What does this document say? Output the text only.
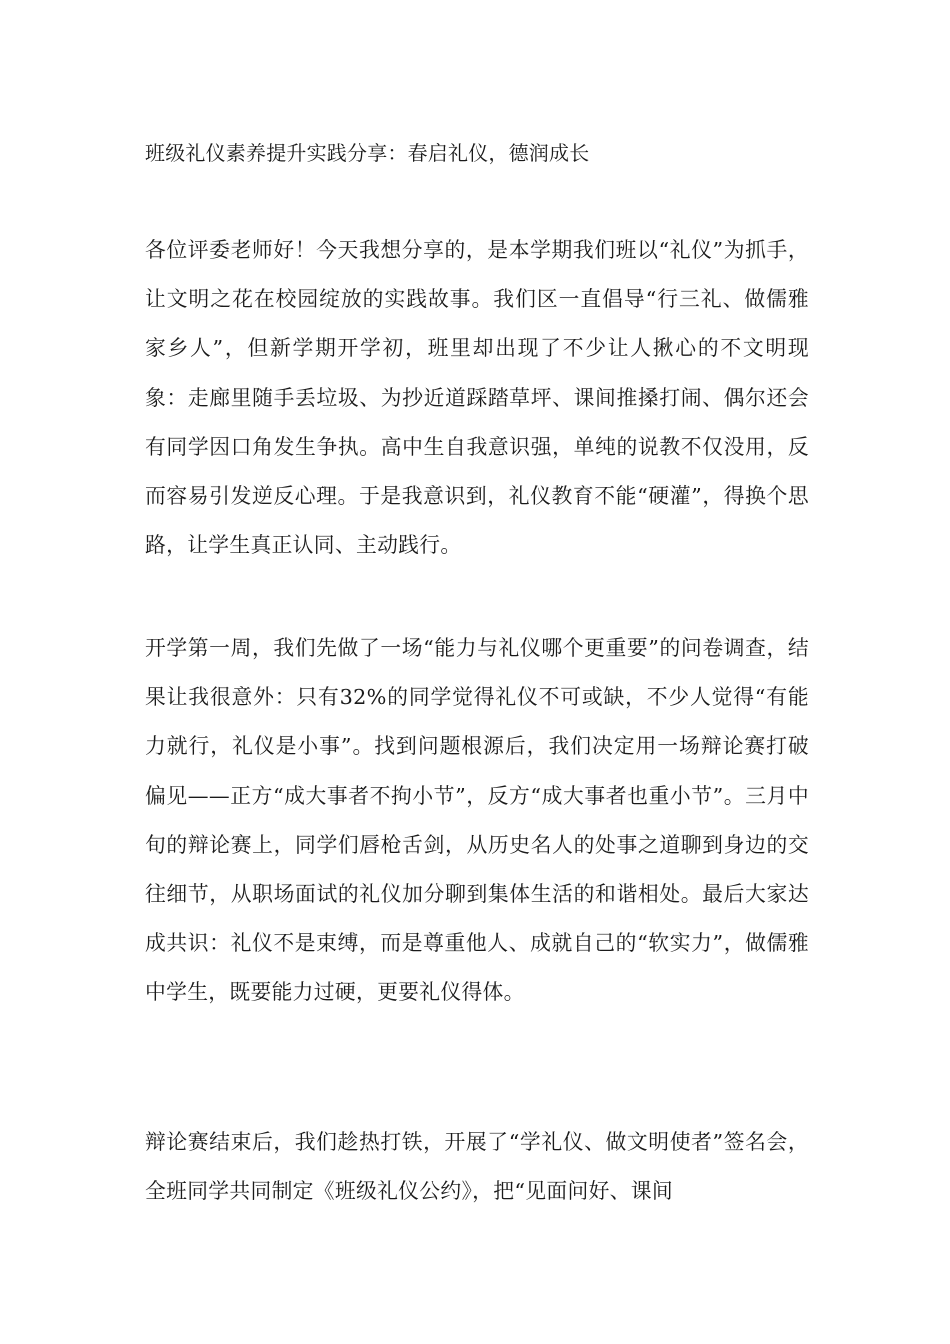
班级礼仪素养提升实践分享：春启礼仪，德润成长

各位评委老师好！今天我想分享的，是本学期我们班以“礼仪”为抓手，让文明之花在校园绽放的实践故事。我们区一直倡导“行三礼、做儒雅家乡人”，但新学期开学初，班里却出现了不少让人揪心的不文明现象：走廊里随手丢垃圾、为抄近道踩踏草坪、课间推搡打闹、偶尔还会有同学因口角发生争执。高中生自我意识强，单纯的说教不仅没用，反而容易引发逆反心理。于是我意识到，礼仪教育不能“硬灌”，得换个思路，让学生真正认同、主动践行。

开学第一周，我们先做了一场“能力与礼仪哪个更重要”的问卷调查，结果让我很意外：只有32%的同学觉得礼仪不可或缺，不少人觉得“有能力就行，礼仪是小事”。找到问题根源后，我们决定用一场辩论赛打破偏见——正方“成大事者不拘小节”，反方“成大事者也重小节”。三月中旬的辩论赛上，同学们唇枪舌剑，从历史名人的处事之道聊到身边的交往细节，从职场面试的礼仪加分聊到集体生活的和谐相处。最后大家达成共识：礼仪不是束缚，而是尊重他人、成就自己的“软实力”，做儒雅中学生，既要能力过硬，更要礼仪得体。

辩论赛结束后，我们趁热打铁，开展了“学礼仪、做文明使者”签名会，全班同学共同制定《班级礼仪公约》，把“见面问好、课间
